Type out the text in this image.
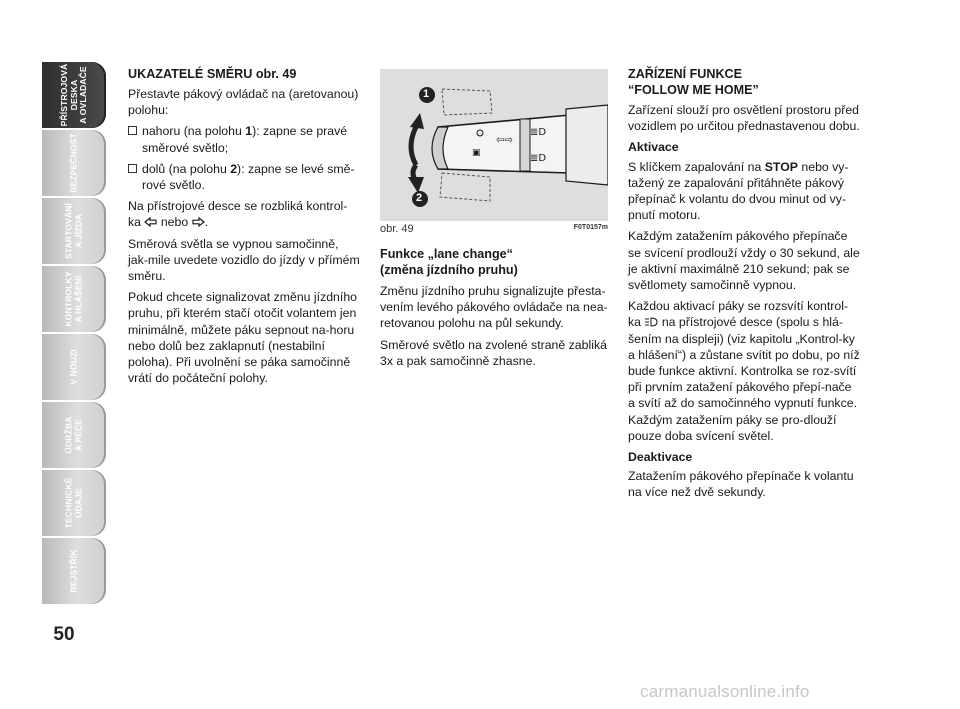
PŘÍSTROJOVÁ
DESKA
A OVLADAČE
BEZPEČNOST
STARTOVÁNÍ
A JÍZDA
KONTROLKY
A HLÁŠENÍ
V NOUZI
ÚDRŽBA
A PÉČE
TECHNICKÉ
ÚDAJE
REJSTŘÍK
50
UKAZATELÉ SMĚRU obr. 49

Přestavte pákový ovládač na (aretovanou) polohu:

nahoru (na polohu 1): zapne se pravé směrové světlo;
dolů (na polohu 2): zapne se levé smě-rové světlo.

Na přístrojové desce se rozbliká kontrol-ka  nebo .

Směrová světla se vypnou samočinně, jak-mile uvedete vozidlo do jízdy v přímém směru.

Pokud chcete signalizovat změnu jízdního pruhu, při kterém stačí otočit volantem jen minimálně, můžete páku sepnout na-horu nebo dolů bez zaklapnutí (nestabilní poloha). Při uvolnění se páka samočinně vrátí do počáteční polohy.

▣
⇦⇨
≣D
≣D
1
2
obr. 49	F0T0157m
Funkce „lane change“
(změna jízdního pruhu)

Změnu jízdního pruhu signalizujte přesta-vením levého pákového ovládače na nea-retovanou polohu na půl sekundy.

Směrové světlo na zvolené straně zabliká 3x a pak samočinně zhasne.

ZAŘÍZENÍ FUNKCE
“FOLLOW ME HOME”

Zařízení slouží pro osvětlení prostoru před vozidlem po určitou přednastavenou dobu.

Aktivace

S klíčkem zapalování na STOP nebo vy-tažený ze zapalování přitáhněte pákový přepínač k volantu do dvou minut od vy-pnutí motoru.

Každým zatažením pákového přepínače se svícení prodlouží vždy o 30 sekund, ale je aktivní maximálně 210 sekund; pak se světlomety samočinně vypnou.

Každou aktivací páky se rozsvítí kontrol-ka  na přístrojové desce (spolu s hlá-šením na displeji) (viz kapitolu „Kontrol-ky a hlášení“) a zůstane svítit po dobu, po níž bude funkce aktivní. Kontrolka se roz-svítí při prvním zatažení pákového přepí-nače a svítí až do samočinného vypnutí funkce. Každým zatažením páky se pro-dlouží pouze doba svícení světel.

Deaktivace

Zatažením pákového přepínače k volantu na více než dvě sekundy.

carmanualsonline.info
